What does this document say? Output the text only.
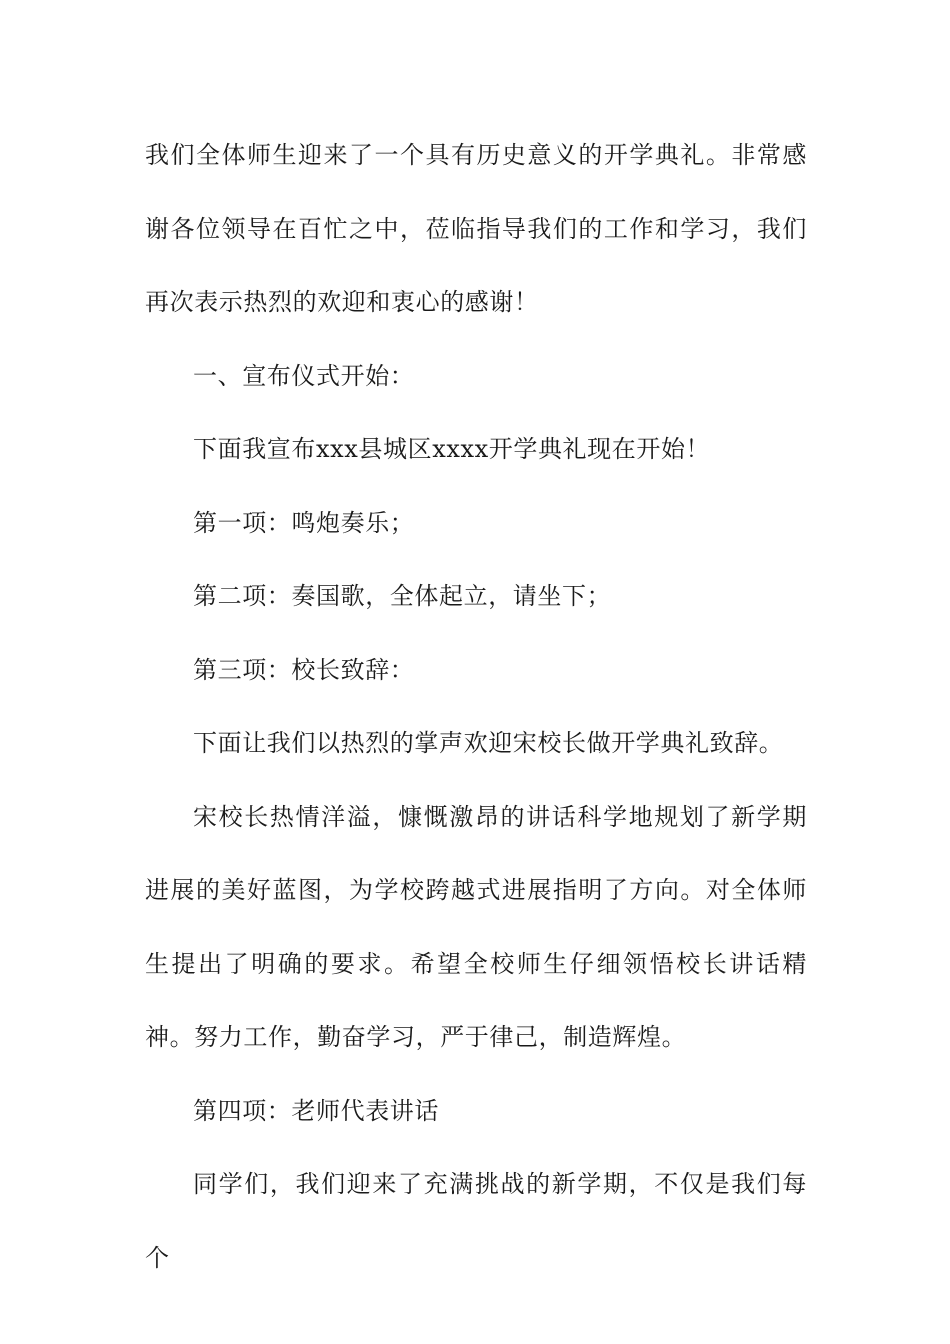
我们全体师生迎来了一个具有历史意义的开学典礼。非常感谢各位领导在百忙之中，莅临指导我们的工作和学习，我们再次表示热烈的欢迎和衷心的感谢！

一、宣布仪式开始：

下面我宣布xxx县城区xxxx开学典礼现在开始！

第一项：鸣炮奏乐；

第二项：奏国歌，全体起立，请坐下；

第三项：校长致辞：

下面让我们以热烈的掌声欢迎宋校长做开学典礼致辞。

宋校长热情洋溢，慷慨激昂的讲话科学地规划了新学期进展的美好蓝图，为学校跨越式进展指明了方向。对全体师生提出了明确的要求。希望全校师生仔细领悟校长讲话精神。努力工作，勤奋学习，严于律己，制造辉煌。

第四项：老师代表讲话

同学们，我们迎来了充满挑战的新学期，不仅是我们每个
